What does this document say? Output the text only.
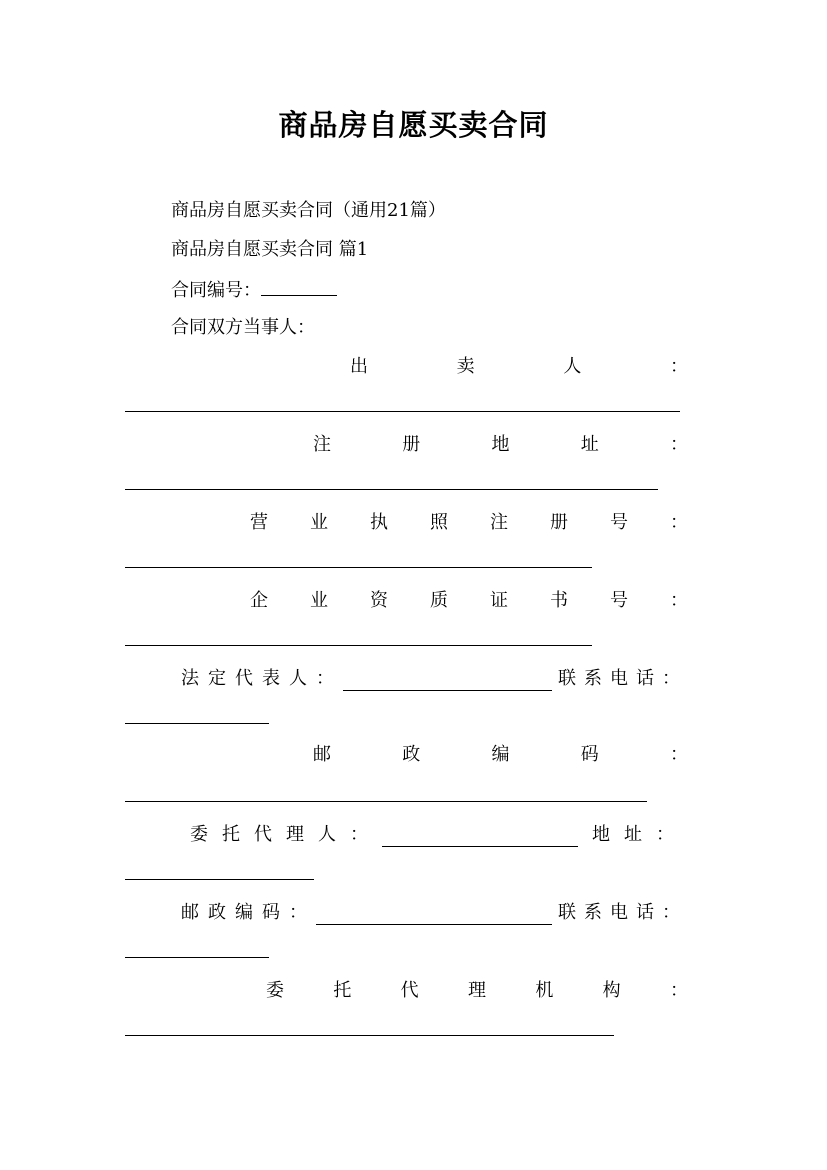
商品房自愿买卖合同
商品房自愿买卖合同（通用21篇）
商品房自愿买卖合同 篇1
合同编号：
合同双方当事人：
出	卖	人	：
注	册	地	址	：
营 业 执 照 注 册 号 ：
企 业 资 质 证 书 号 ：
法定代表人：	联系电话：
邮	政	编	码	：
委托代理人：	地址：
邮政编码：	联系电话：
委	托	代	理	机	构	：
